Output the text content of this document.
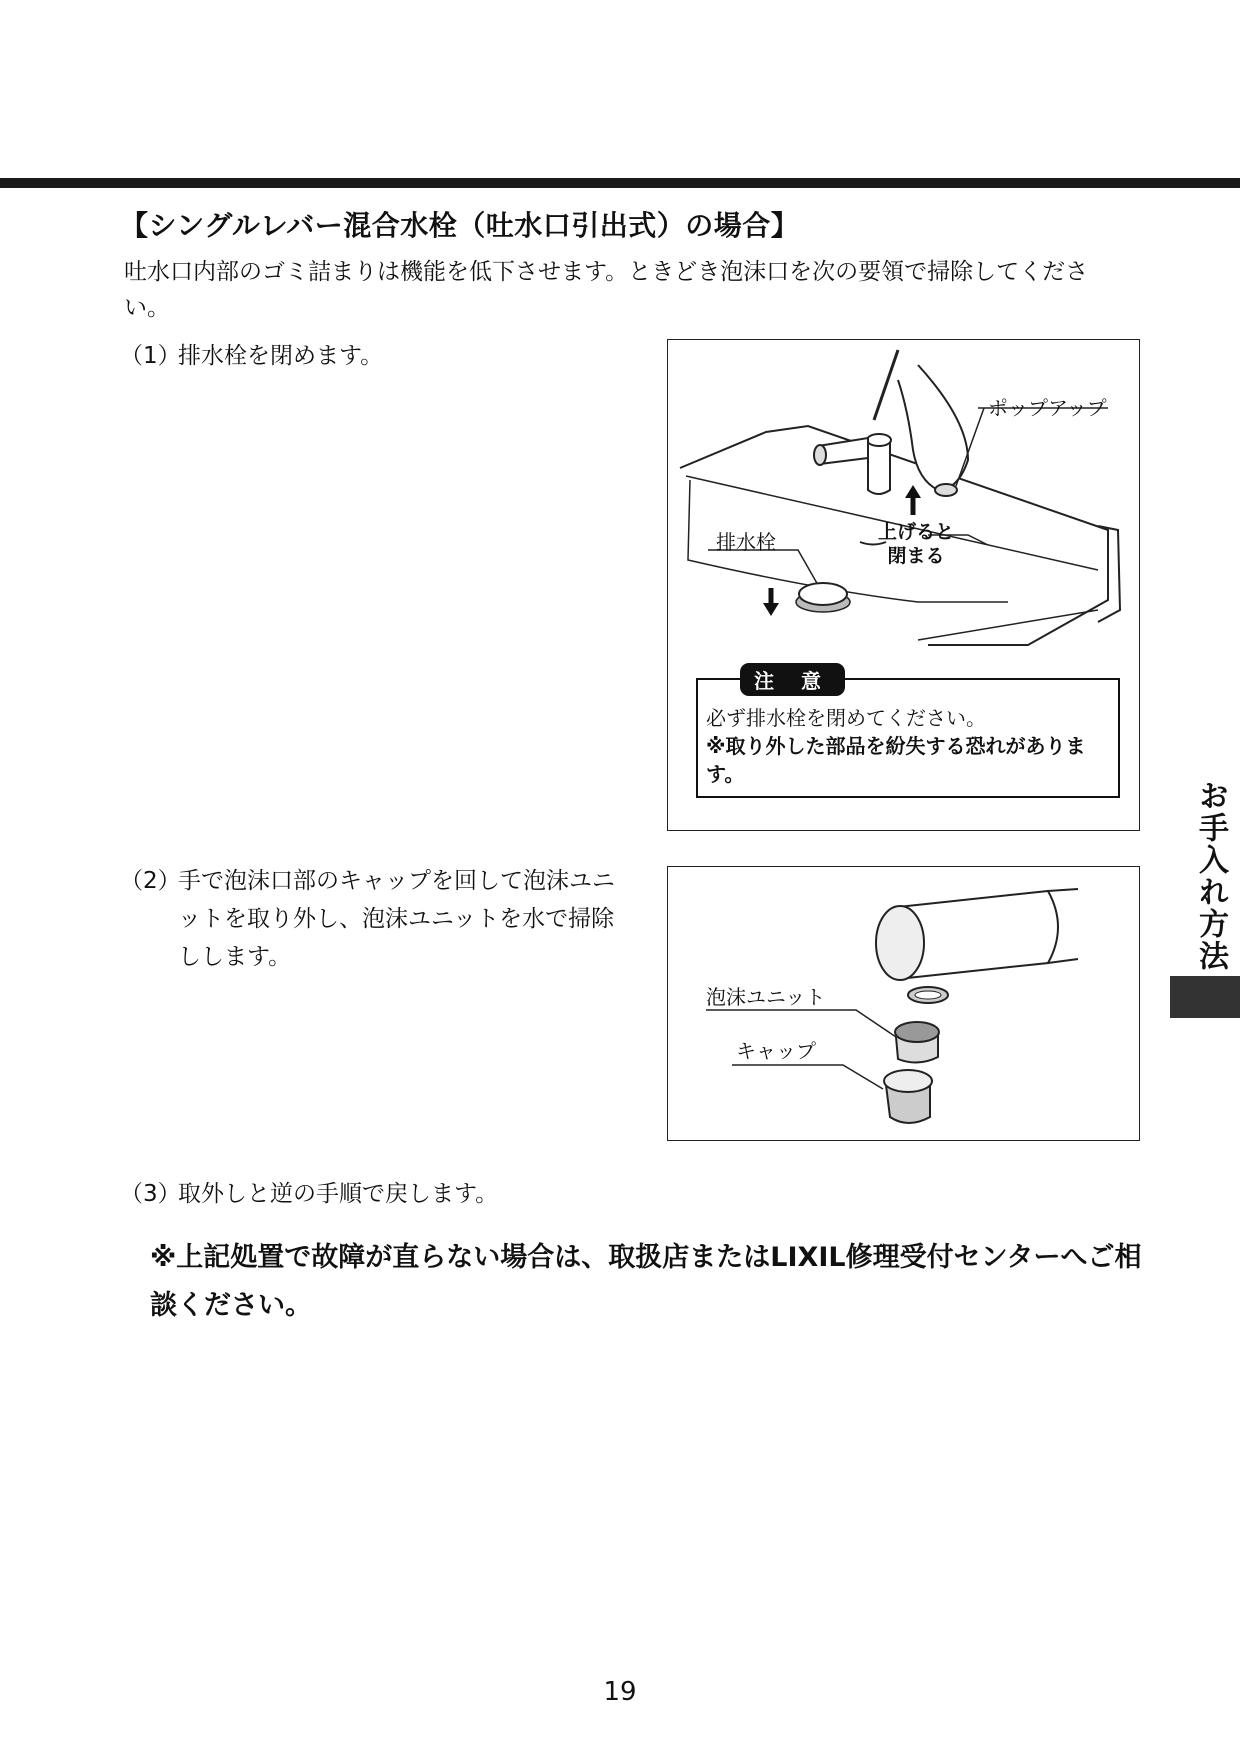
【シングルレバー混合水栓（吐水口引出式）の場合】
吐水口内部のゴミ詰まりは機能を低下させます。ときどき泡沫口を次の要領で掃除してください。
（1）
排水栓を閉めます。
ポップアップ
上げると
閉まる
排水栓
注 意
必ず排水栓を閉めてください。
※取り外した部品を紛失する恐れがあります。
（2）
手で泡沫口部のキャップを回して泡沫ユニットを取り外し、泡沫ユニットを水で掃除しします。
泡沫ユニット
キャップ
（3）
取外しと逆の手順で戻します。
※上記処置で故障が直らない場合は、取扱店またはLIXIL修理受付センターへご相談ください。
お手入れ方法
19
